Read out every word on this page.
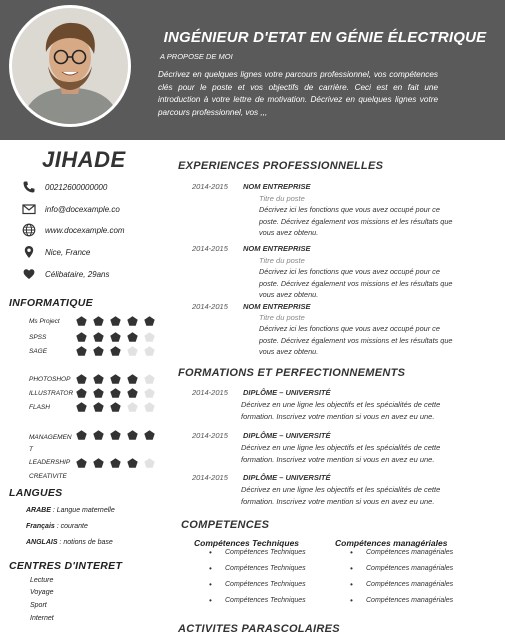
INGÉNIEUR D'ETAT EN GÉNIE ÉLECTRIQUE
A PROPOSE DE MOI
Décrivez en quelques lignes votre parcours professionnel, vos compétences clés pour le poste et vos objectifs de carrière. Ceci est en fait une introduction à votre lettre de motivation. Décrivez en quelques lignes votre parcours professionnel, vos ,,,
JIHADE
00212600000000
info@docexample.co
www.docexample.com
Nice, France
Célibataire, 29ans
INFORMATIQUE
Ms Project
SPSS
SAGE
PHOTOSHOP
ILLUSTRATOR
FLASH
MANAGEMEN T
LEADERSHIP
CREATIVITE
LANGUES
ARABE : Langue maternelle
Français : courante
ANGLAIS : notions de base
CENTRES D'INTERET
Lecture
Voyage
Sport
Internet
EXPERIENCES PROFESSIONNELLES
2014-2015 NOM ENTREPRISE
Titre du poste
Décrivez ici les fonctions que vous avez occupé pour ce poste. Décrivez également vos missions et les résultats que vous avez obtenu.
2014-2015 NOM ENTREPRISE
Titre du poste
Décrivez ici les fonctions que vous avez occupé pour ce poste. Décrivez également vos missions et les résultats que vous avez obtenu.
2014-2015 NOM ENTREPRISE
Titre du poste
Décrivez ici les fonctions que vous avez occupé pour ce poste. Décrivez également vos missions et les résultats que vous avez obtenu.
FORMATIONS ET PERFECTIONNEMENTS
2014-2015 DIPLÔME – UNIVERSITÉ
Décrivez en une ligne les objectifs et les spécialités de cette formation. Inscrivez votre mention si vous en avez eu une.
2014-2015 DIPLÔME – UNIVERSITÉ
Décrivez en une ligne les objectifs et les spécialités de cette formation. Inscrivez votre mention si vous en avez eu une.
2014-2015 DIPLÔME – UNIVERSITÉ
Décrivez en une ligne les objectifs et les spécialités de cette formation. Inscrivez votre mention si vous en avez eu une.
COMPETENCES
Compétences Techniques
• Compétences Techniques
• Compétences Techniques
• Compétences Techniques
• Compétences Techniques
Compétences managériales
• Compétences managériales
• Compétences managériales
• Compétences managériales
• Compétences managériales
ACTIVITES PARASCOLAIRES
